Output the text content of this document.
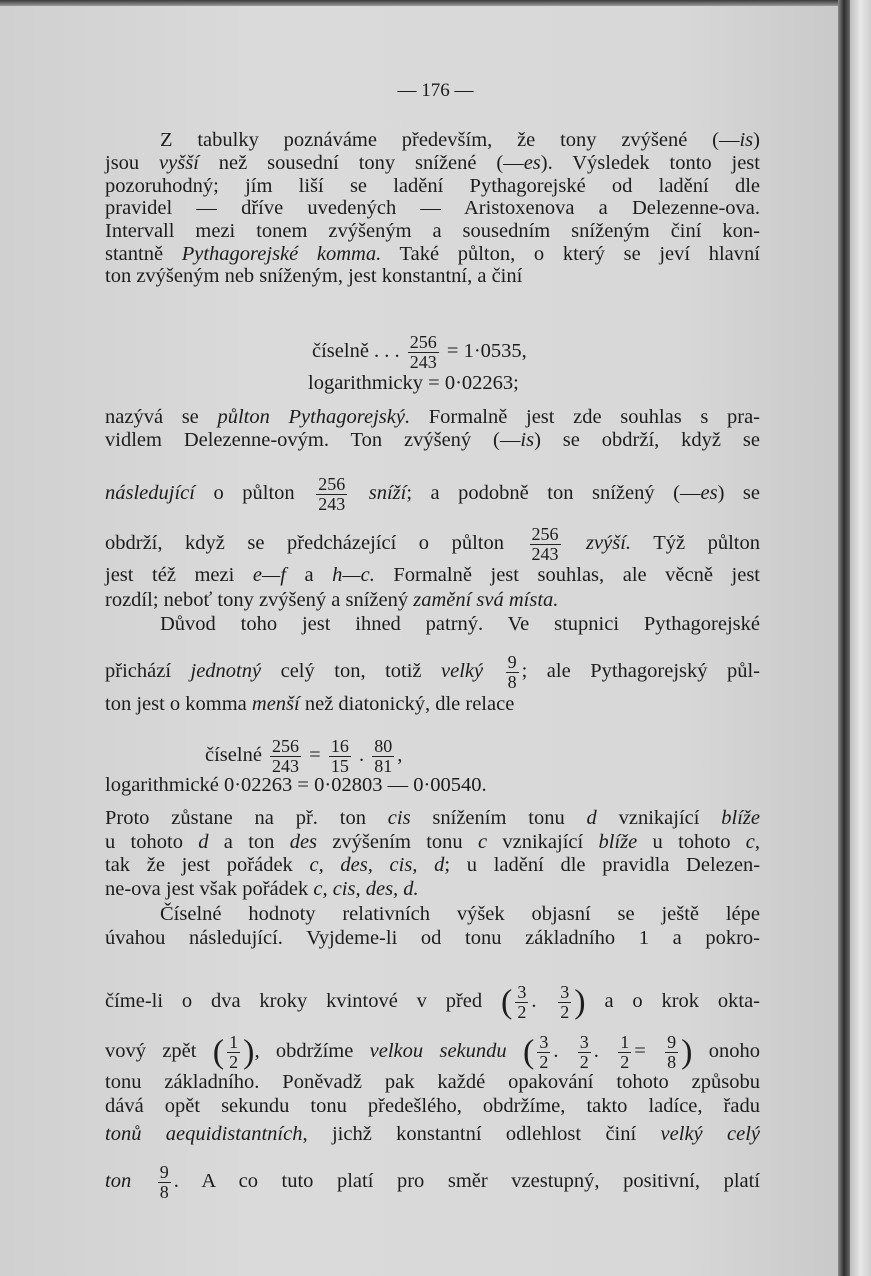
— 176 —
Z tabulky poznáváme především, že tony zvýšené (—is)
jsou vyšší než sousední tony snížené (—es). Výsledek tonto jest
pozoruhodný; jím liší se ladění Pythagorejské od ladění dle
pravidel — dříve uvedených — Aristoxenova a Delezenne-ova.
Intervall mezi tonem zvýšeným a sousedním sníženým činí kon-
stantně Pythagorejské komma. Také půlton, o který se jeví hlavní
ton zvýšeným neb sníženým, jest konstantní, a činí
číselně . . . $\frac{256}{243} = 1\cdot 0535$,
logarithmicky = 0·02263;
nazývá se půlton Pythagorejský. Formalně jest zde souhlas s pra-
vidlem Delezenne-ovým. Ton zvýšený (—is) se obdrží, když se
následující o půlton $\frac{256}{243}$ sníží; a podobně ton snížený (—es) se
obdrží, když se předcházející o půlton $\frac{256}{243}$ zvýší. Týž půlton
jest též mezi e—f a h—c. Formalně jest souhlas, ale věcně jest
rozdíl; neboť tony zvýšený a snížený zamění svá místa.
Důvod toho jest ihned patrný. Ve stupnici Pythagorejské
přichází jednotný celý ton, totiž velký $\frac{9}{8}$ ; ale Pythagorejský půl-
ton jest o komma menší než diatonický, dle relace
číselné $\frac{256}{243} = \frac{16}{15}$ . $\frac{80}{81}$ ,
logarithmické 0·02263 = 0·02803 — 0·00540.
Proto zůstane na př. ton cis snížením tonu d vznikající blíže
u tohoto d a ton des zvýšením tonu c vznikající blíže u tohoto c,
tak že jest pořádek c, des, cis, d; u ladění dle pravidla Delezen-
ne-ova jest však pořádek c, cis, des, d.
Číselné hodnoty relativních výšek objasní se ještě lépe
úvahou následující. Vyjdeme-li od tonu základního 1 a pokro-
číme-li o dva kroky kvintové v před ( $\frac{3}{2}$ . $\frac{3}{2}$ ) a o krok okta-
vový zpět ( $\frac{1}{2}$ ), obdržíme velkou sekundu ( $\frac{3}{2}$ . $\frac{3}{2}$ . $\frac{1}{2} = \frac{9}{8}$ ) onoho
tonu základního. Poněvadž pak každé opakování tohoto způsobu
dává opět sekundu tonu předešlého, obdržíme, takto ladíce, řadu
tonů aequidistantních, jichž konstantní odlehlost činí velký celý
ton $\frac{9}{8}$ . A co tuto platí pro směr vzestupný, positivní, platí
